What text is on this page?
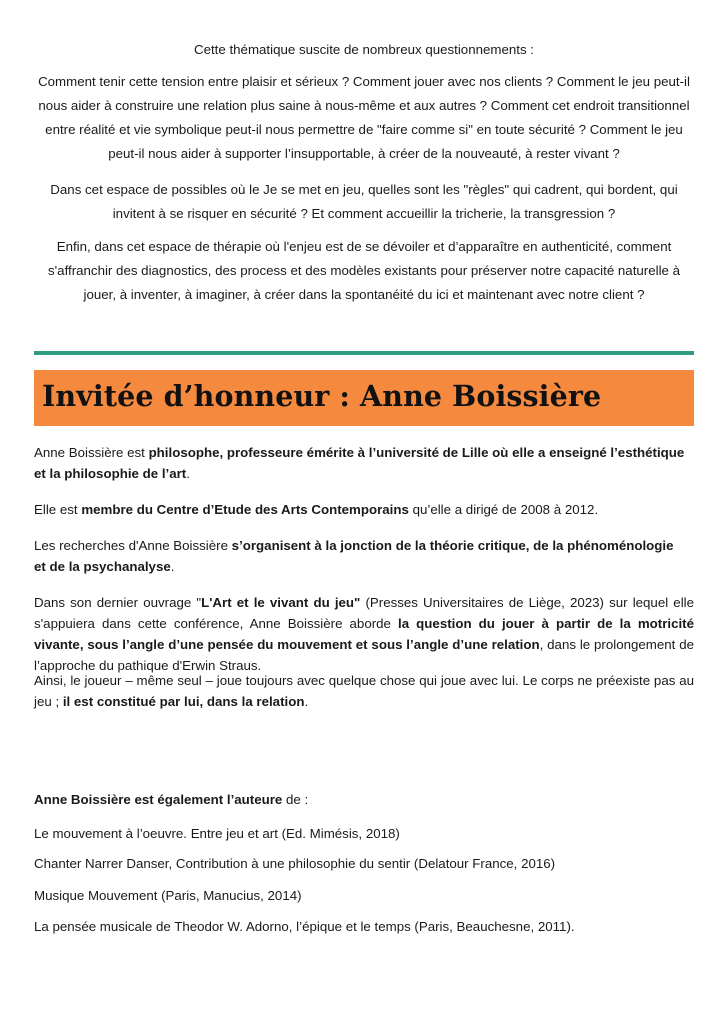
Cette thématique suscite de nombreux questionnements :

Comment tenir cette tension entre plaisir et sérieux ? Comment jouer avec nos clients ? Comment le jeu peut-il
nous aider à construire une relation plus saine à nous-même et aux autres ? Comment cet endroit transitionnel
entre réalité et vie symbolique peut-il nous permettre de "faire comme si" en toute sécurité ? Comment le jeu
peut-il nous aider à supporter l’insupportable, à créer de la nouveauté, à rester vivant ?
Dans cet espace de possibles où le Je se met en jeu, quelles sont les "règles" qui cadrent, qui bordent, qui
invitent à se risquer en sécurité ? Et comment accueillir la tricherie, la transgression ?
Enfin, dans cet espace de thérapie où l'enjeu est de se dévoiler et d’apparaître en authenticité, comment
s'affranchir des diagnostics, des process et des modèles existants pour préserver notre capacité naturelle à
jouer, à inventer, à imaginer, à créer dans la spontanéité du ici et maintenant avec notre client ?
Invitée d’honneur : Anne Boissière

Anne Boissière est philosophe, professeure émérite à l’université de Lille où elle a enseigné l’esthétique
et la philosophie de l’art.

Elle est membre du Centre d’Etude des Arts Contemporains qu’elle a dirigé de 2008 à 2012.

Les recherches d'Anne Boissière s’organisent à la jonction de la théorie critique, de la phénoménologie
et de la psychanalyse.

Dans son dernier ouvrage "L'Art et le vivant du jeu" (Presses Universitaires de Liège, 2023) sur lequel elle s'appuiera dans cette conférence, Anne Boissière aborde la question du jouer à partir de la motricité vivante, sous l’angle d’une pensée du mouvement et sous l’angle d’une relation, dans le prolongement de l’approche du pathique d'Erwin Straus.

Ainsi, le joueur – même seul – joue toujours avec quelque chose qui joue avec lui. Le corps ne préexiste pas au jeu ; il est constitué par lui, dans la relation.

Anne Boissière est également l’auteure de :

Le mouvement à l’oeuvre. Entre jeu et art (Ed. Mimésis, 2018)

Chanter Narrer Danser, Contribution à une philosophie du sentir (Delatour France, 2016)

Musique Mouvement (Paris, Manucius, 2014)

La pensée musicale de Theodor W. Adorno, l’épique et le temps (Paris, Beauchesne, 2011).
